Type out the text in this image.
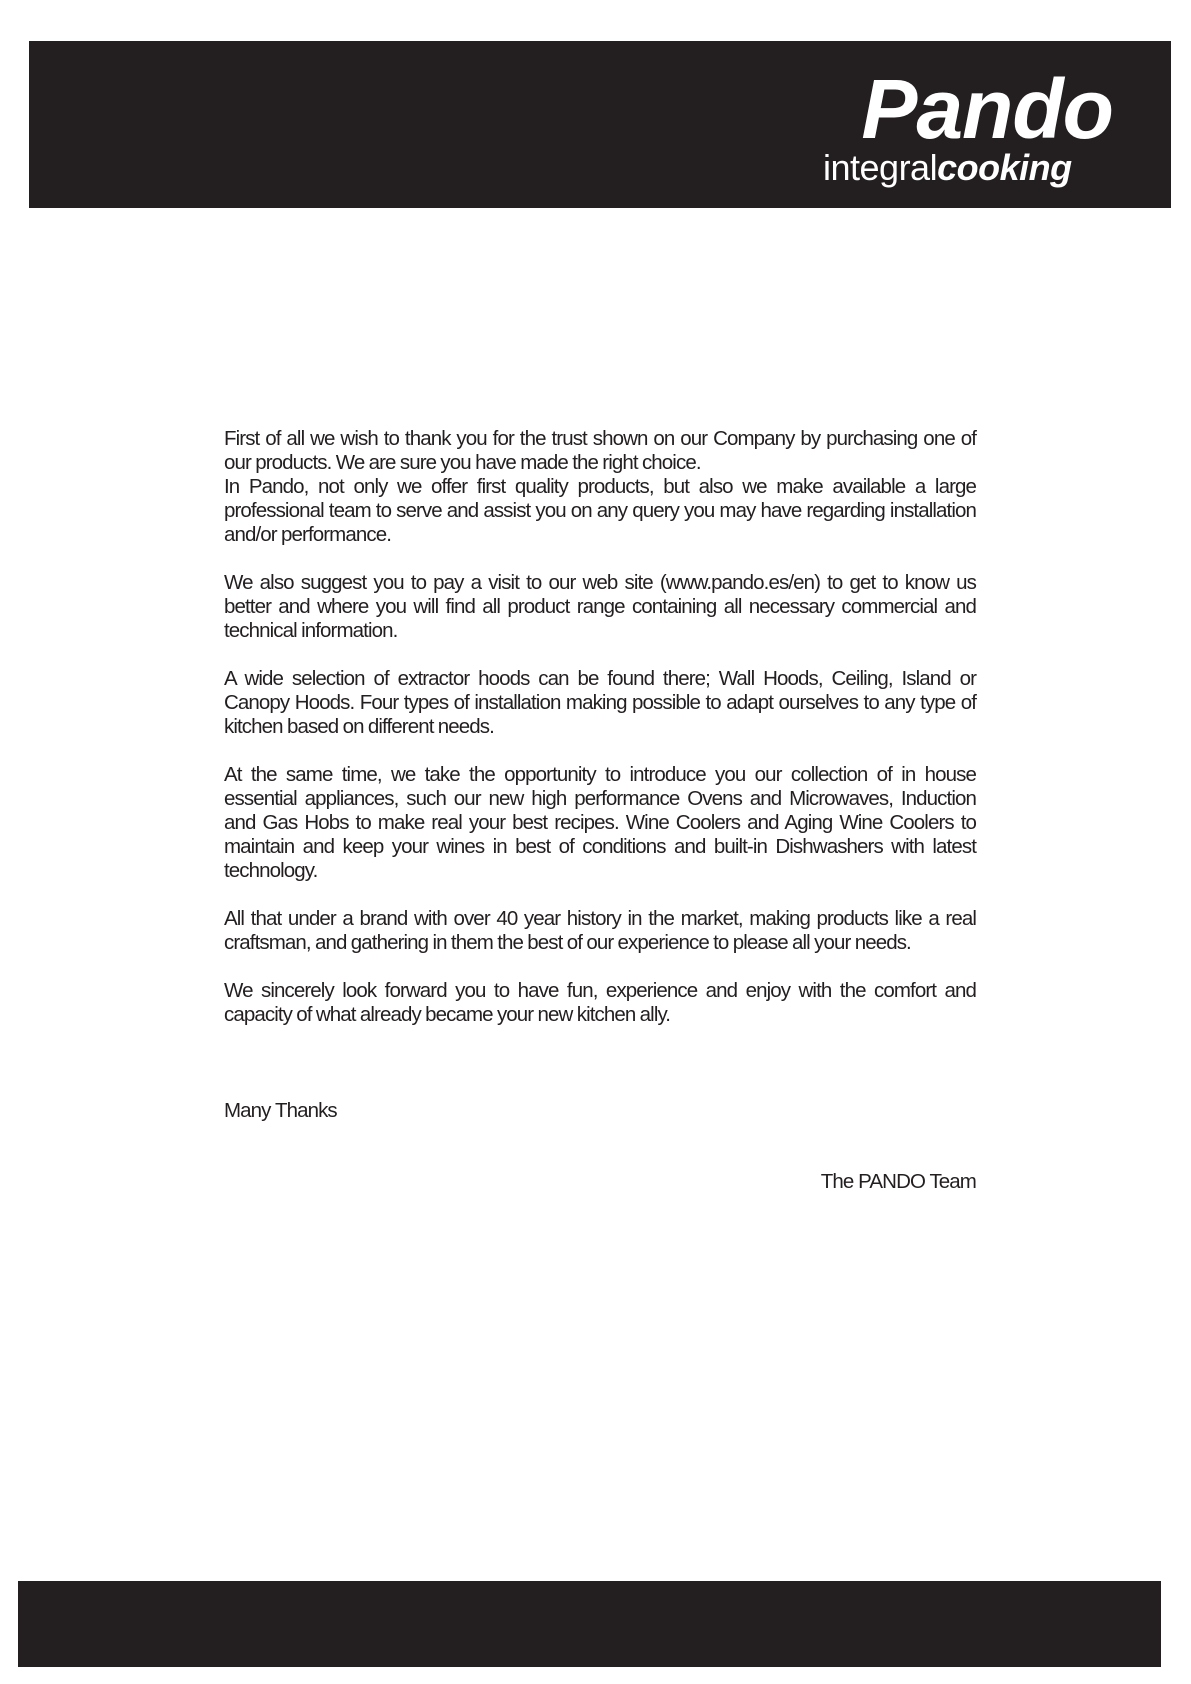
Pando
integralcooking

First of all we wish to thank you for the trust shown on our Company by purchasing one of our products. We are sure you have made the right choice.
In Pando, not only we offer first quality products, but also we make available a large professional team to serve and assist you on any query you may have regarding installation and/or performance.

We also suggest you to pay a visit to our web site (www.pando.es/en) to get to know us better and where you will find all product range containing all necessary commercial and technical information.

A wide selection of extractor hoods can be found there; Wall Hoods, Ceiling, Island or Canopy Hoods. Four types of installation making possible to adapt ourselves to any type of kitchen based on different needs.

At the same time, we take the opportunity to introduce you our collection of in house essential appliances, such our new high performance Ovens and Microwaves, Induction and Gas Hobs to make real your best recipes. Wine Coolers and Aging Wine Coolers to maintain and keep your wines in best of conditions and built-in Dishwashers with latest technology.

All that under a brand with over 40 year history in the market, making products like a real craftsman, and gathering in them the best of our experience to please all your needs.

We sincerely look forward you to have fun, experience and enjoy with the comfort and capacity of what already became your new kitchen ally.

Many Thanks
The PANDO Team
